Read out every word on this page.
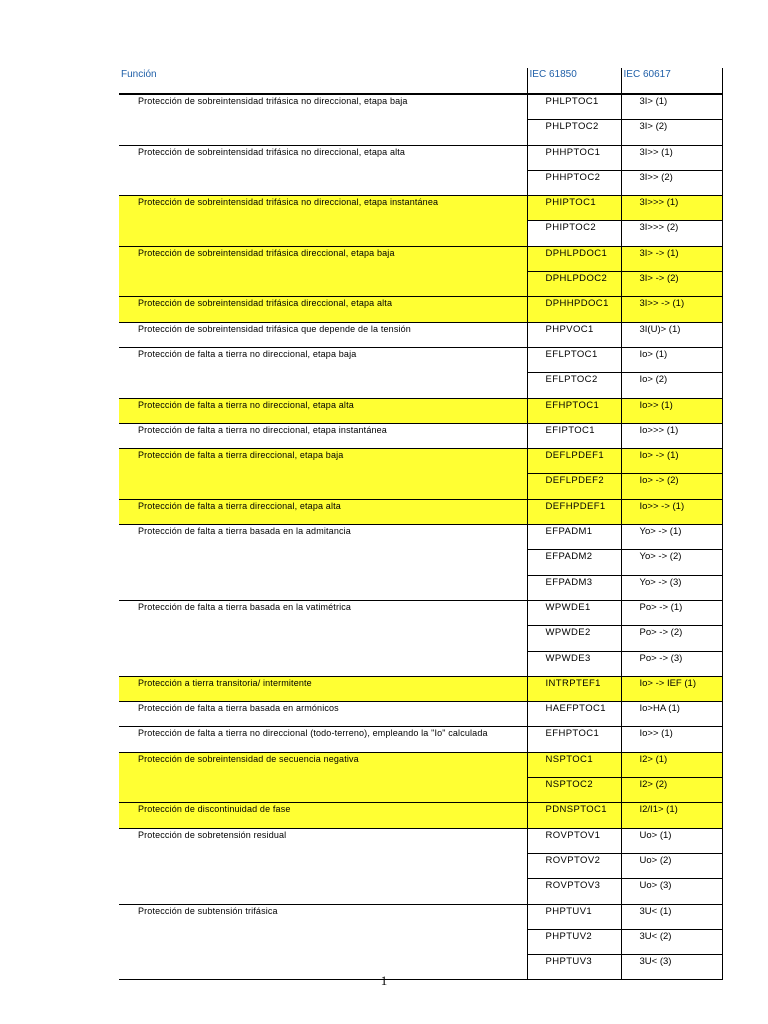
Función	IEC 61850	IEC 60617
Protección de sobreintensidad trifásica no direccional, etapa baja	PHLPTOC1	3I> (1)
	PHLPTOC2	3I> (2)
Protección de sobreintensidad trifásica no direccional, etapa alta	PHHPTOC1	3I>> (1)
	PHHPTOC2	3I>> (2)
Protección de sobreintensidad trifásica no direccional, etapa instantánea	PHIPTOC1	3I>>> (1)
	PHIPTOC2	3I>>> (2)
Protección de sobreintensidad trifásica direccional, etapa baja	DPHLPDOC1	3I> -> (1)
	DPHLPDOC2	3I> -> (2)
Protección de sobreintensidad trifásica direccional, etapa alta	DPHHPDOC1	3I>> -> (1)
Protección de sobreintensidad trifásica que depende de la tensión	PHPVOC1	3I(U)> (1)
Protección de falta a tierra no direccional, etapa baja	EFLPTOC1	Io> (1)
	EFLPTOC2	Io> (2)
Protección de falta a tierra no direccional, etapa alta	EFHPTOC1	Io>> (1)
Protección de falta a tierra no direccional, etapa instantánea	EFIPTOC1	Io>>> (1)
Protección de falta a tierra direccional, etapa baja	DEFLPDEF1	Io> -> (1)
	DEFLPDEF2	Io> -> (2)
Protección de falta a tierra direccional, etapa alta	DEFHPDEF1	Io>> -> (1)
Protección de falta a tierra basada en la admitancia	EFPADM1	Yo> -> (1)
	EFPADM2	Yo> -> (2)
	EFPADM3	Yo> -> (3)
Protección de falta a tierra basada en la vatimétrica	WPWDE1	Po> -> (1)
	WPWDE2	Po> -> (2)
	WPWDE3	Po> -> (3)
Protección a tierra transitoria/ intermitente	INTRPTEF1	Io> -> IEF (1)
Protección de falta a tierra basada en armónicos	HAEFPTOC1	Io>HA (1)
Protección de falta a tierra no direccional (todo-terreno), empleando la "Io" calculada	EFHPTOC1	Io>> (1)
Protección de sobreintensidad de secuencia negativa	NSPTOC1	I2> (1)
	NSPTOC2	I2> (2)
Protección de discontinuidad de fase	PDNSPTOC1	I2/I1> (1)
Protección de sobretensión residual	ROVPTOV1	Uo> (1)
	ROVPTOV2	Uo> (2)
	ROVPTOV3	Uo> (3)
Protección de subtensión trifásica	PHPTUV1	3U< (1)
	PHPTUV2	3U< (2)
	PHPTUV3	3U< (3)
1
